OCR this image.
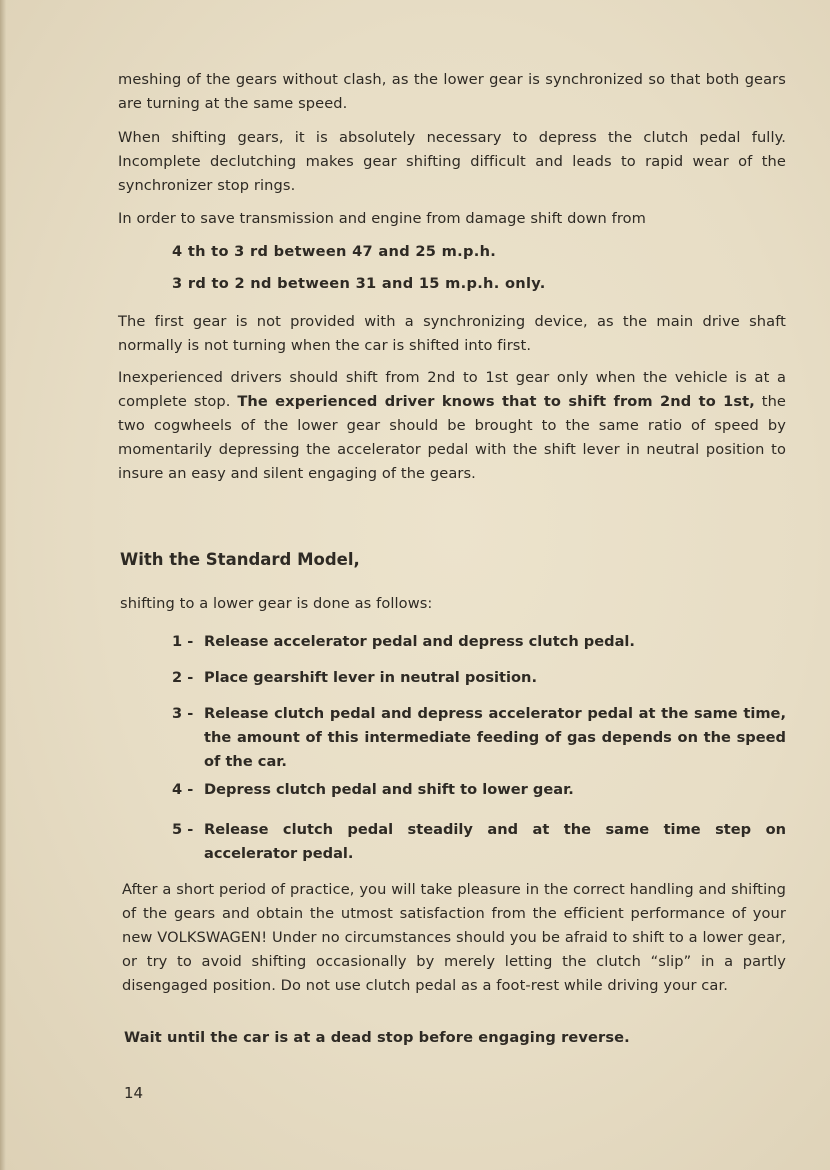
meshing of the gears without clash, as the lower gear is synchronized so that both gears are turning at the same speed.

When shifting gears, it is absolutely necessary to depress the clutch pedal fully. Incomplete declutching makes gear shifting difficult and leads to rapid wear of the synchronizer stop rings.

In order to save transmission and engine from damage shift down from

4 th to 3 rd between 47 and 25 m.p.h.

3 rd to 2 nd between 31 and 15 m.p.h. only.

The first gear is not provided with a synchronizing device, as the main drive shaft normally is not turning when the car is shifted into first.

Inexperienced drivers should shift from 2nd to 1st gear only when the vehicle is at a complete stop. The experienced driver knows that to shift from 2nd to 1st, the two cogwheels of the lower gear should be brought to the same ratio of speed by momentarily depressing the accelerator pedal with the shift lever in neutral position to insure an easy and silent engaging of the gears.

With the Standard Model,

shifting to a lower gear is done as follows:

1 - Release accelerator pedal and depress clutch pedal.
2 - Place gearshift lever in neutral position.
3 - Release clutch pedal and depress accelerator pedal at the same time, the amount of this intermediate feeding of gas depends on the speed of the car.
4 - Depress clutch pedal and shift to lower gear.
5 - Release clutch pedal steadily and at the same time step on accelerator pedal.

After a short period of practice, you will take pleasure in the correct handling and shifting of the gears and obtain the utmost satisfaction from the efficient performance of your new VOLKSWAGEN! Under no circumstances should you be afraid to shift to a lower gear, or try to avoid shifting occasionally by merely letting the clutch “slip” in a partly disengaged position. Do not use clutch pedal as a foot-rest while driving your car.

Wait until the car is at a dead stop before engaging reverse.

14
